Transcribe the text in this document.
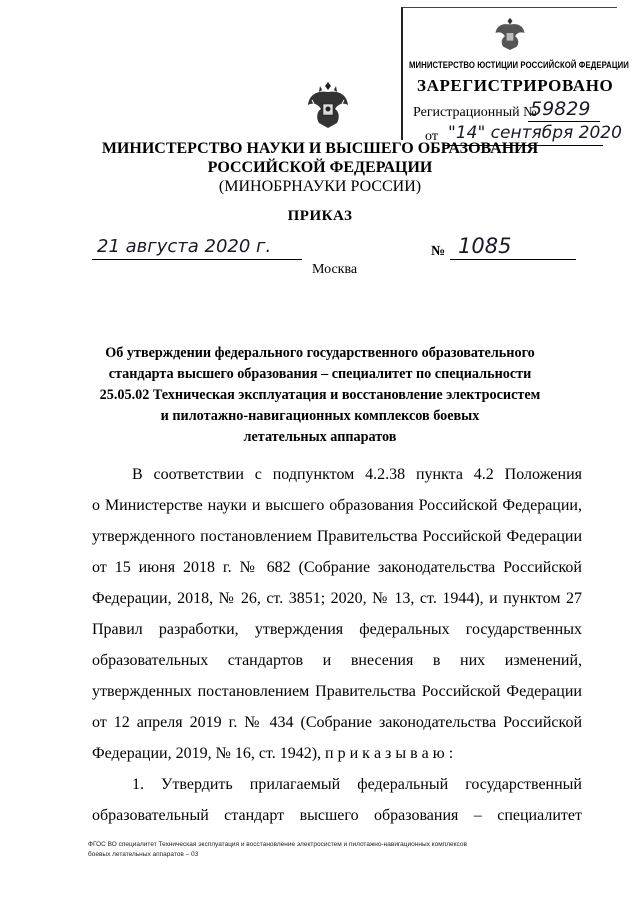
МИНИСТЕРСТВО ЮСТИЦИИ РОССИЙСКОЙ ФЕДЕРАЦИИ
ЗАРЕГИСТРИРОВАНО
Регистрационный №
59829
от "14" сентября 2020
МИНИСТЕРСТВО НАУКИ И ВЫСШЕГО ОБРАЗОВАНИЯ
РОССИЙСКОЙ ФЕДЕРАЦИИ
(МИНОБРНАУКИ РОССИИ)
ПРИКАЗ
21 августа 2020 г.
Москва
№ 1085
Об утверждении федерального государственного образовательного
стандарта высшего образования – специалитет по специальности
25.05.02 Техническая эксплуатация и восстановление электросистем
и пилотажно-навигационных комплексов боевых
летательных аппаратов
В соответствии с подпунктом 4.2.38 пункта 4.2 Положения
о Министерстве науки и высшего образования Российской Федерации,
утвержденного постановлением Правительства Российской Федерации
от 15 июня 2018 г. № 682 (Собрание законодательства Российской
Федерации, 2018, № 26, ст. 3851; 2020, № 13, ст. 1944), и пунктом 27
Правил разработки, утверждения федеральных государственных
образовательных стандартов и внесения в них изменений,
утвержденных постановлением Правительства Российской Федерации
от 12 апреля 2019 г. № 434 (Собрание законодательства Российской
Федерации, 2019, № 16, ст. 1942), п р и к а з ы в а ю :
1. Утвердить прилагаемый федеральный государственный
образовательный стандарт высшего образования – специалитет
ФГОС ВО специалитет Техническая эксплуатация и восстановление электросистем и пилотажно-навигационных комплексов
боевых летательных аппаратов – 03
